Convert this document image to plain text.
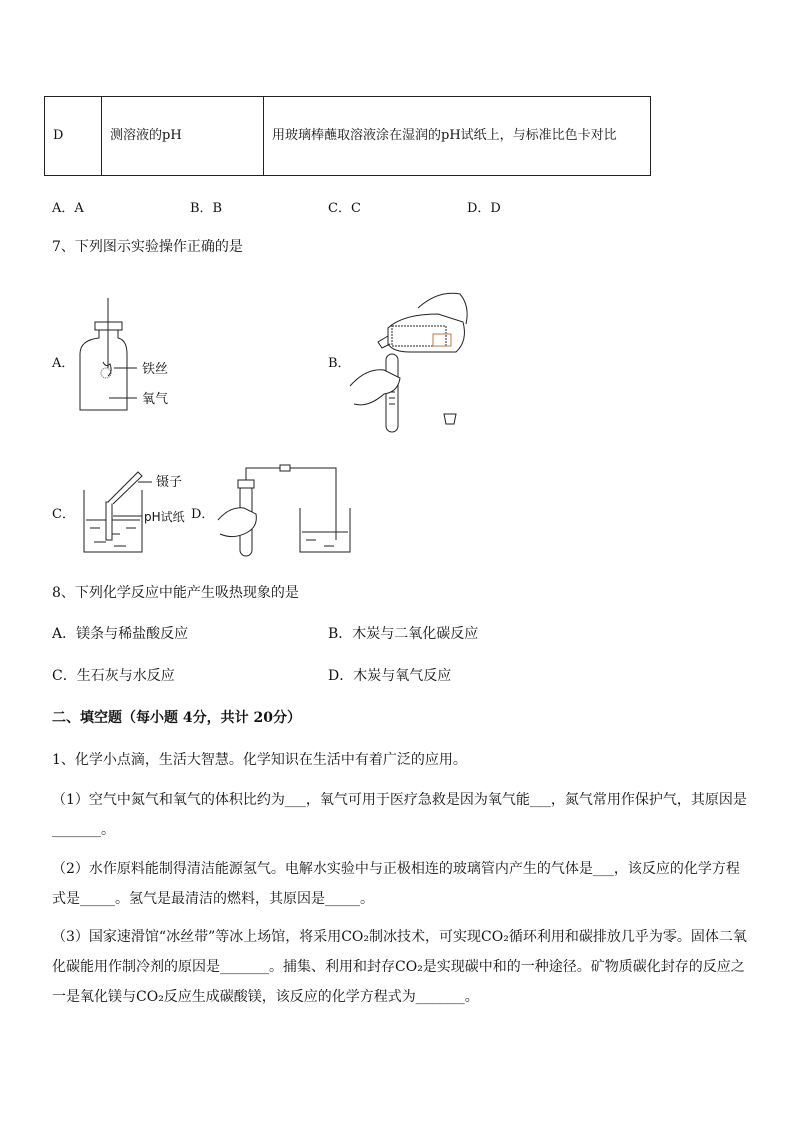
D	测溶液的pH	用玻璃棒蘸取溶液涂在湿润的pH试纸上，与标准比色卡对比
A．A	B．B	C．C	D．D
7、下列图示实验操作正确的是
A．	B．
C．	D．
铁丝
氧气
镊子
pH试纸
8、下列化学反应中能产生吸热现象的是
A．镁条与稀盐酸反应	B．木炭与二氧化碳反应
C．生石灰与水反应	D．木炭与氧气反应
二、填空题（每小题 4分，共计 20分）
1、化学小点滴，生活大智慧。化学知识在生活中有着广泛的应用。
（1）空气中氮气和氧气的体积比约为___，氧气可用于医疗急救是因为氧气能___，氮气常用作保护气，其原因是_______。
（2）水作原料能制得清洁能源氢气。电解水实验中与正极相连的玻璃管内产生的气体是___，该反应的化学方程式是_____。氢气是最清洁的燃料，其原因是_____。
（3）国家速滑馆“冰丝带”等冰上场馆，将采用CO₂制冰技术，可实现CO₂循环利用和碳排放几乎为零。固体二氧化碳能用作制冷剂的原因是_______。捕集、利用和封存CO₂是实现碳中和的一种途径。矿物质碳化封存的反应之一是氧化镁与CO₂反应生成碳酸镁，该反应的化学方程式为_______。
